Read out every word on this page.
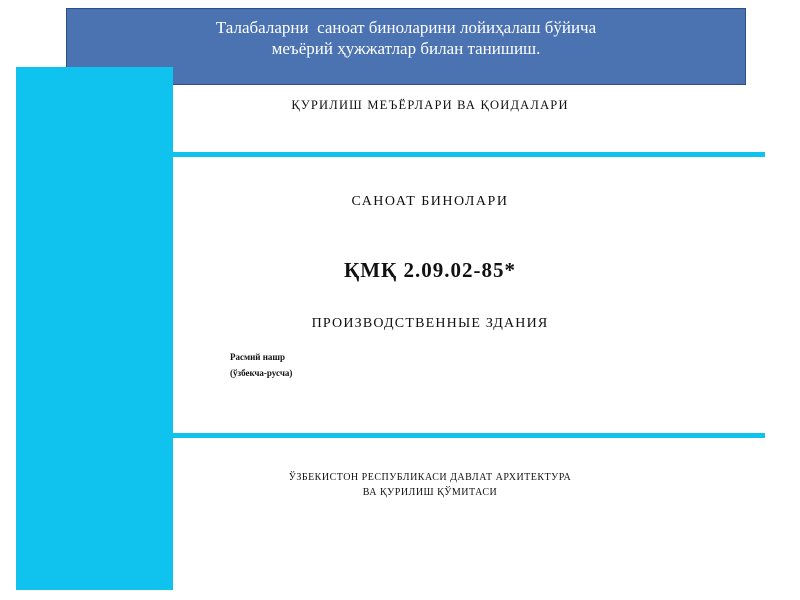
Талабаларни  саноат биноларини лойиҳалаш бўйича
меъёрий ҳужжатлар билан танишиш.
ҚУРИЛИШ МЕЪЁРЛАРИ ВА ҚОИДАЛАРИ
САНОАТ БИНОЛАРИ
ҚМҚ 2.09.02-85*
ПРОИЗВОДСТВЕННЫЕ ЗДАНИЯ
Расмий нашр
(ўзбекча-русча)
ЎЗБЕКИСТОН РЕСПУБЛИКАСИ ДАВЛАТ АРХИТЕКТУРА
ВА ҚУРИЛИШ ҚЎМИТАСИ
